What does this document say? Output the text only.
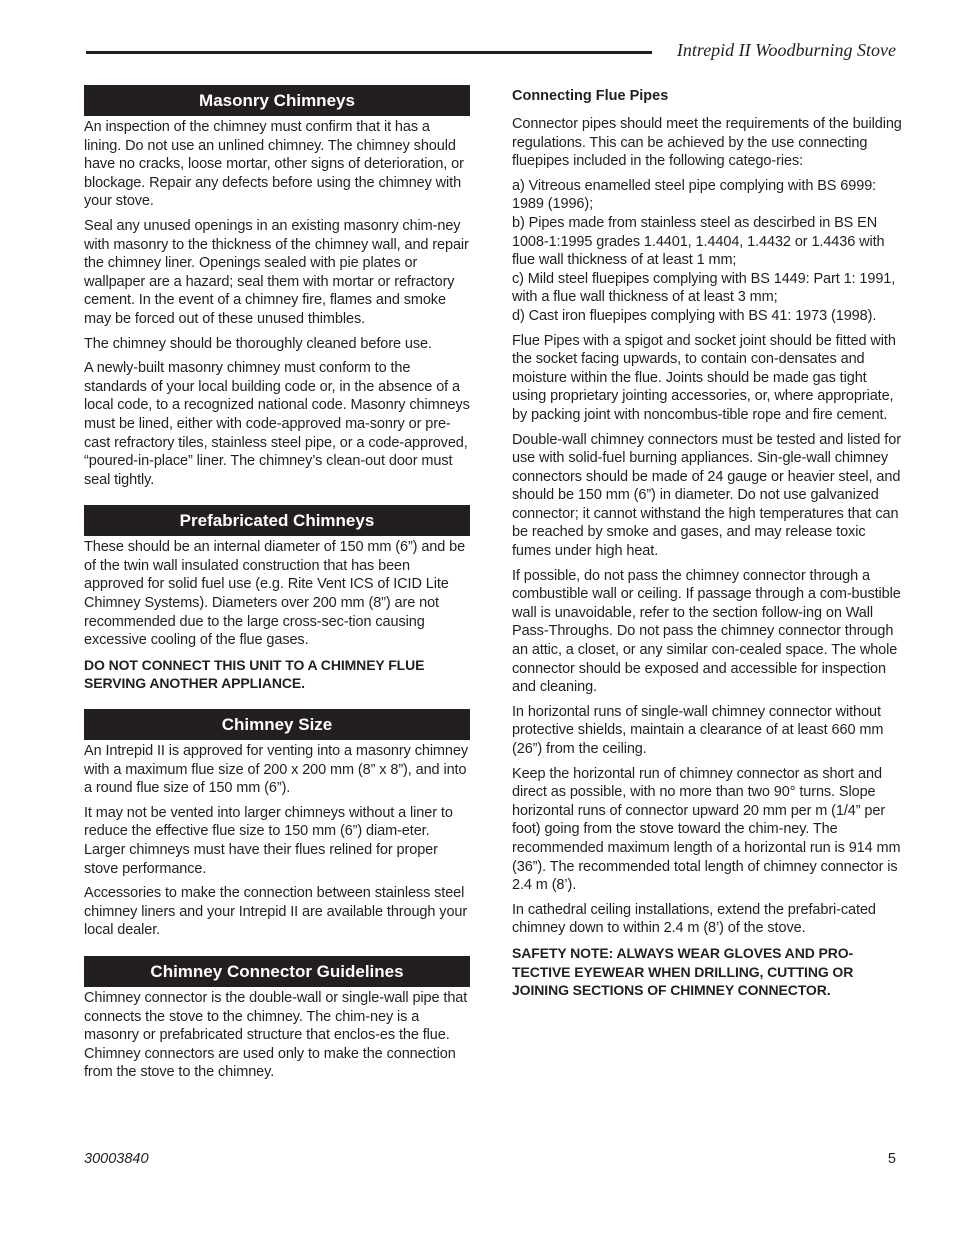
Intrepid II Woodburning Stove
Masonry Chimneys

An inspection of the chimney must confirm that it has a lining. Do not use an unlined chimney. The chimney should have no cracks, loose mortar, other signs of deterioration, or blockage. Repair any defects before using the chimney with your stove.

Seal any unused openings in an existing masonry chim-ney with masonry to the thickness of the chimney wall, and repair the chimney liner. Openings sealed with pie plates or wallpaper are a hazard; seal them with mortar or refractory cement. In the event of a chimney fire, flames and smoke may be forced out of these unused thimbles.

The chimney should be thoroughly cleaned before use.

A newly-built masonry chimney must conform to the standards of your local building code or, in the absence of a local code, to a recognized national code. Masonry chimneys must be lined, either with code-approved ma-sonry or pre-cast refractory tiles, stainless steel pipe, or a code-approved, “poured-in-place” liner. The chimney’s clean-out door must seal tightly.

Prefabricated Chimneys

These should be an internal diameter of 150 mm (6”) and be of the twin wall insulated construction that has been approved for solid fuel use (e.g. Rite Vent ICS of ICID Lite Chimney Systems). Diameters over 200 mm (8”) are not recommended due to the large cross-sec-tion causing excessive cooling of the flue gases.

DO NOT CONNECT THIS UNIT TO A CHIMNEY FLUE SERVING ANOTHER APPLIANCE.

Chimney Size

An Intrepid II is approved for venting into a masonry chimney with a maximum flue size of 200 x 200 mm (8” x 8”), and into a round flue size of 150 mm (6”).

It may not be vented into larger chimneys without a liner to reduce the effective flue size to 150 mm (6”) diam-eter. Larger chimneys must have their flues relined for proper stove performance.

Accessories to make the connection between stainless steel chimney liners and your Intrepid II are available through your local dealer.

Chimney Connector Guidelines

Chimney connector is the double-wall or single-wall pipe that connects the stove to the chimney. The chim-ney is a masonry or prefabricated structure that enclos-es the flue. Chimney connectors are used only to make the connection from the stove to the chimney.

Connecting Flue Pipes

Connector pipes should meet the requirements of the building regulations. This can be achieved by the use connecting fluepipes included in the following catego-ries:

a) Vitreous enamelled steel pipe complying with BS 6999: 1989 (1996);

b) Pipes made from stainless steel as descirbed in BS EN 1008-1:1995 grades 1.4401, 1.4404, 1.4432 or 1.4436 with flue wall thickness of at least 1 mm;

c) Mild steel fluepipes complying with BS 1449: Part 1: 1991, with a flue wall thickness of at least 3 mm;

d) Cast iron fluepipes complying with BS 41: 1973 (1998).

Flue Pipes with a spigot and socket joint should be fitted with the socket facing upwards, to contain con-densates and moisture within the flue. Joints should be made gas tight using proprietary jointing accessories, or, where appropriate, by packing joint with noncombus-tible rope and fire cement.

Double-wall chimney connectors must be tested and listed for use with solid-fuel burning appliances. Sin-gle-wall chimney connectors should be made of 24 gauge or heavier steel, and should be 150 mm (6”) in diameter. Do not use galvanized connector; it cannot withstand the high temperatures that can be reached by smoke and gases, and may release toxic fumes under high heat.

If possible, do not pass the chimney connector through a combustible wall or ceiling. If passage through a com-bustible wall is unavoidable, refer to the section follow-ing on Wall Pass-Throughs. Do not pass the chimney connector through an attic, a closet, or any similar con-cealed space. The whole connector should be exposed and accessible for inspection and cleaning.

In horizontal runs of single-wall chimney connector without protective shields, maintain a clearance of at least 660 mm (26”) from the ceiling.

Keep the horizontal run of chimney connector as short and direct as possible, with no more than two 90° turns. Slope horizontal runs of connector upward 20 mm per m (1/4” per foot) going from the stove toward the chim-ney. The recommended maximum length of a horizontal run is 914 mm (36”). The recommended total length of chimney connector is 2.4 m (8’).

In cathedral ceiling installations, extend the prefabri-cated chimney down to within 2.4 m (8’) of the stove.

SAFETY NOTE: ALWAYS WEAR GLOVES AND PRO-TECTIVE EYEWEAR WHEN DRILLING, CUTTING OR JOINING SECTIONS OF CHIMNEY CONNECTOR.

30003840	5
